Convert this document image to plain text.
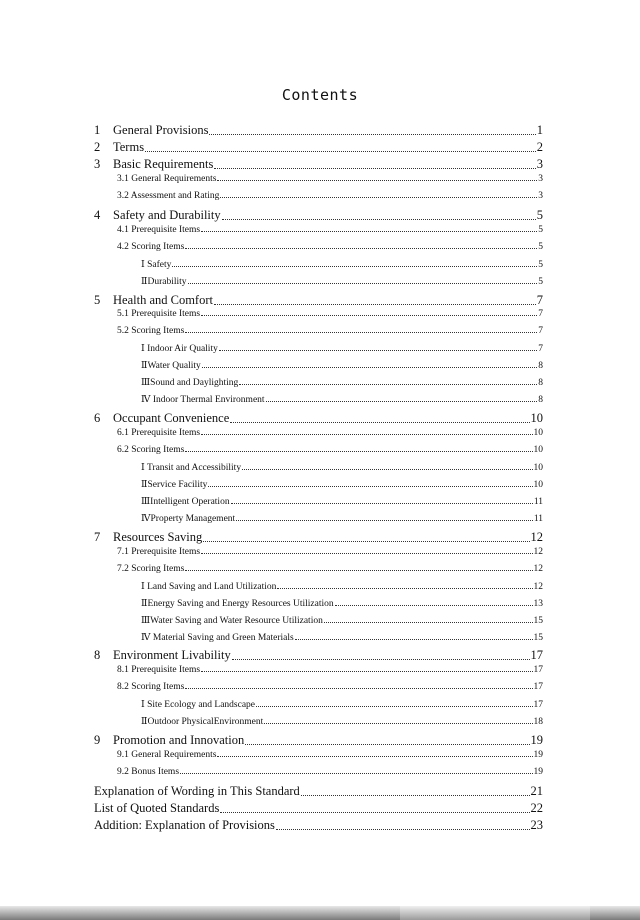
Contents
1	General Provisions	1
2	Terms	2
3	Basic Requirements	3
3.1 General Requirements	3
3.2 Assessment and Rating	3
4	Safety and Durability	5
4.1 Prerequisite Items	5
4.2 Scoring Items	5
Ⅰ Safety	5
ⅡDurability	5
5	Health and Comfort	7
5.1 Prerequisite Items	7
5.2 Scoring Items	7
Ⅰ Indoor Air Quality	7
ⅡWater Quality	8
ⅢSound and Daylighting	8
Ⅳ Indoor Thermal Environment	8
6	Occupant Convenience	10
6.1 Prerequisite Items	10
6.2 Scoring Items	10
Ⅰ Transit and Accessibility	10
ⅡService Facility	10
ⅢIntelligent Operation	11
ⅣProperty Management	11
7	Resources Saving	12
7.1 Prerequisite Items	12
7.2 Scoring Items	12
Ⅰ Land Saving and Land Utilization	12
ⅡEnergy Saving and Energy Resources Utilization	13
ⅢWater Saving and Water Resource Utilization	15
Ⅳ Material Saving and Green Materials	15
8	Environment Livability	17
8.1 Prerequisite Items	17
8.2 Scoring Items	17
Ⅰ Site Ecology and Landscape	17
ⅡOutdoor PhysicalEnvironment	18
9	Promotion and Innovation	19
9.1 General Requirements	19
9.2 Bonus Items	19
Explanation of Wording in This Standard	21
List of Quoted Standards	22
Addition: Explanation of Provisions	23
